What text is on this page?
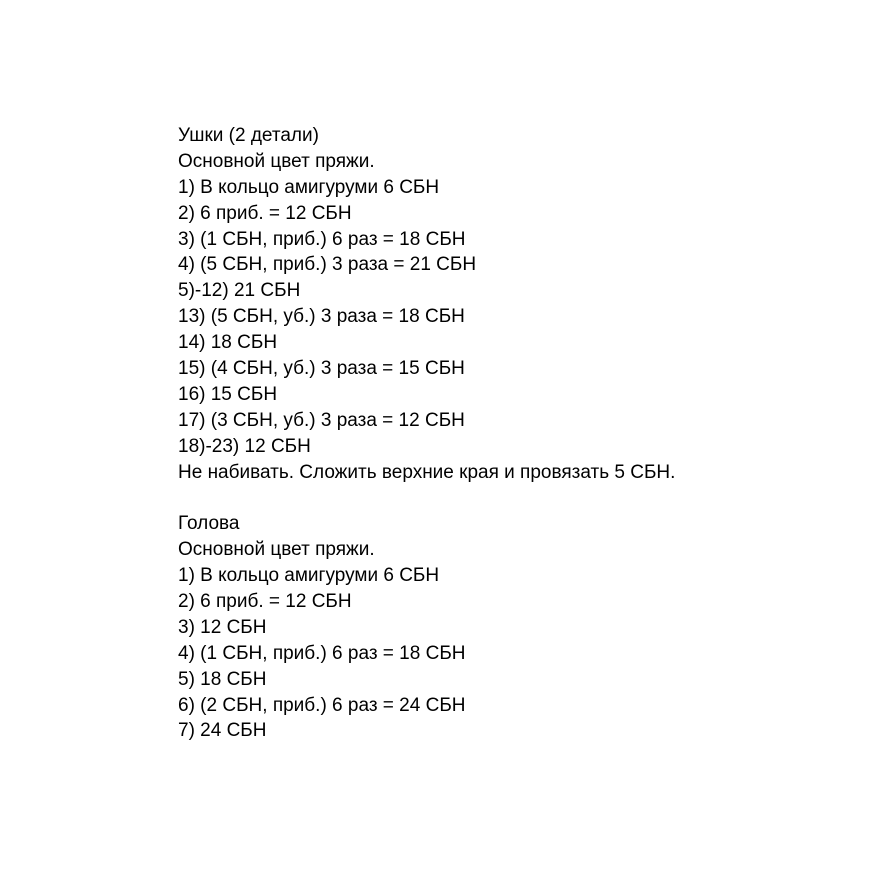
Ушки (2 детали)
Основной цвет пряжи.
1) В кольцо амигуруми 6 СБН
2) 6 приб. = 12 СБН
3) (1 СБН, приб.) 6 раз = 18 СБН
4) (5 СБН, приб.) 3 раза = 21 СБН
5)-12) 21 СБН
13) (5 СБН, уб.) 3 раза = 18 СБН
14) 18 СБН
15) (4 СБН, уб.) 3 раза = 15 СБН
16) 15 СБН
17) (3 СБН, уб.) 3 раза = 12 СБН
18)-23) 12 СБН
Не набивать. Сложить верхние края и провязать 5 СБН.
Голова
Основной цвет пряжи.
1) В кольцо амигуруми 6 СБН
2) 6 приб. = 12 СБН
3) 12 СБН
4) (1 СБН, приб.) 6 раз = 18 СБН
5) 18 СБН
6) (2 СБН, приб.) 6 раз = 24 СБН
7) 24 СБН
